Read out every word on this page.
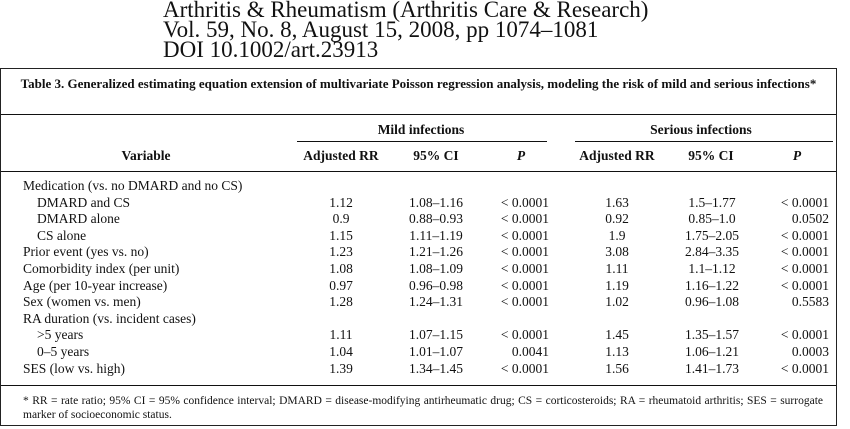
Arthritis & Rheumatism (Arthritis Care & Research)
Vol. 59, No. 8, August 15, 2008, pp 1074–1081
DOI 10.1002/art.23913
Table 3. Generalized estimating equation extension of multivariate Poisson regression analysis, modeling the risk of mild and serious infections*
Mild infections	Serious infections
Variable	Adjusted RR	95% CI	P	Adjusted RR	95% CI	P
Medication (vs. no DMARD and no CS)
DMARD and CS	1.12	1.08–1.16	< 0.0001	1.63	1.5–1.77	< 0.0001
DMARD alone	0.9	0.88–0.93	< 0.0001	0.92	0.85–1.0	0.0502
CS alone	1.15	1.11–1.19	< 0.0001	1.9	1.75–2.05	< 0.0001
Prior event (yes vs. no)	1.23	1.21–1.26	< 0.0001	3.08	2.84–3.35	< 0.0001
Comorbidity index (per unit)	1.08	1.08–1.09	< 0.0001	1.11	1.1–1.12	< 0.0001
Age (per 10-year increase)	0.97	0.96–0.98	< 0.0001	1.19	1.16–1.22	< 0.0001
Sex (women vs. men)	1.28	1.24–1.31	< 0.0001	1.02	0.96–1.08	0.5583
RA duration (vs. incident cases)
>5 years	1.11	1.07–1.15	< 0.0001	1.45	1.35–1.57	< 0.0001
0–5 years	1.04	1.01–1.07	0.0041	1.13	1.06–1.21	0.0003
SES (low vs. high)	1.39	1.34–1.45	< 0.0001	1.56	1.41–1.73	< 0.0001
* RR = rate ratio; 95% CI = 95% confidence interval; DMARD = disease-modifying antirheumatic drug; CS = corticosteroids; RA = rheumatoid arthritis; SES = surrogate marker of socioeconomic status.
